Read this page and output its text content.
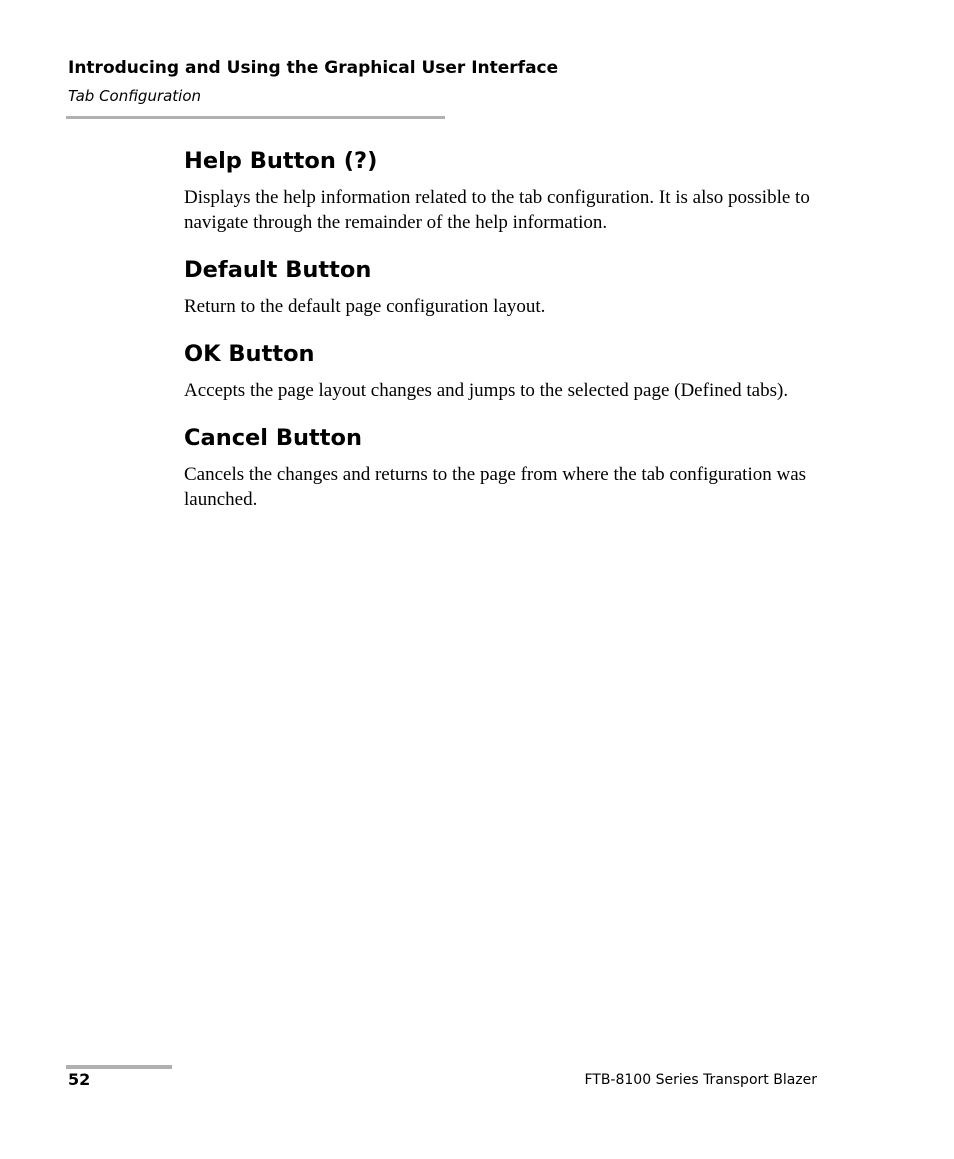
Introducing and Using the Graphical User Interface
Tab Configuration
Help Button (?)

Displays the help information related to the tab configuration. It is also possible to navigate through the remainder of the help information.

Default Button

Return to the default page configuration layout.

OK Button

Accepts the page layout changes and jumps to the selected page (Defined tabs).

Cancel Button

Cancels the changes and returns to the page from where the tab configuration was launched.

52	FTB-8100 Series Transport Blazer
